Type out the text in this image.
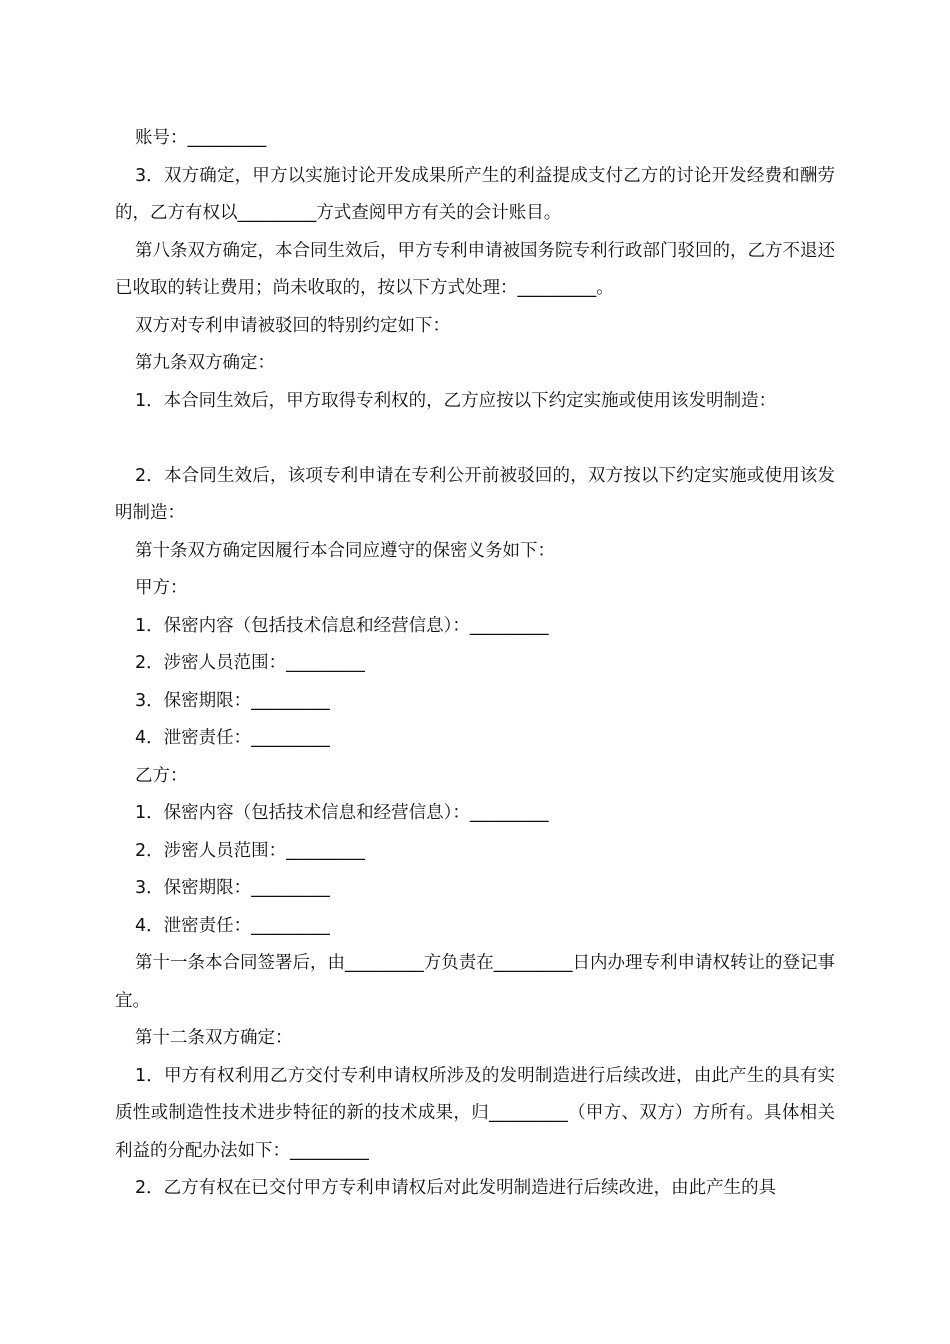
账号：_________

3．双方确定，甲方以实施讨论开发成果所产生的利益提成支付乙方的讨论开发经费和酬劳的，乙方有权以_________方式查阅甲方有关的会计账目。

第八条双方确定，本合同生效后，甲方专利申请被国务院专利行政部门驳回的，乙方不退还已收取的转让费用；尚未收取的，按以下方式处理：_________。

双方对专利申请被驳回的特别约定如下：

第九条双方确定：

1．本合同生效后，甲方取得专利权的，乙方应按以下约定实施或使用该发明制造：

2．本合同生效后，该项专利申请在专利公开前被驳回的，双方按以下约定实施或使用该发明制造：

第十条双方确定因履行本合同应遵守的保密义务如下：

甲方：

1．保密内容（包括技术信息和经营信息）：_________

2．涉密人员范围：_________

3．保密期限：_________

4．泄密责任：_________

乙方：

1．保密内容（包括技术信息和经营信息）：_________

2．涉密人员范围：_________

3．保密期限：_________

4．泄密责任：_________

第十一条本合同签署后，由_________方负责在_________日内办理专利申请权转让的登记事宜。

第十二条双方确定：

1．甲方有权利用乙方交付专利申请权所涉及的发明制造进行后续改进，由此产生的具有实质性或制造性技术进步特征的新的技术成果，归_________（甲方、双方）方所有。具体相关利益的分配办法如下：_________

2．乙方有权在已交付甲方专利申请权后对此发明制造进行后续改进，由此产生的具
